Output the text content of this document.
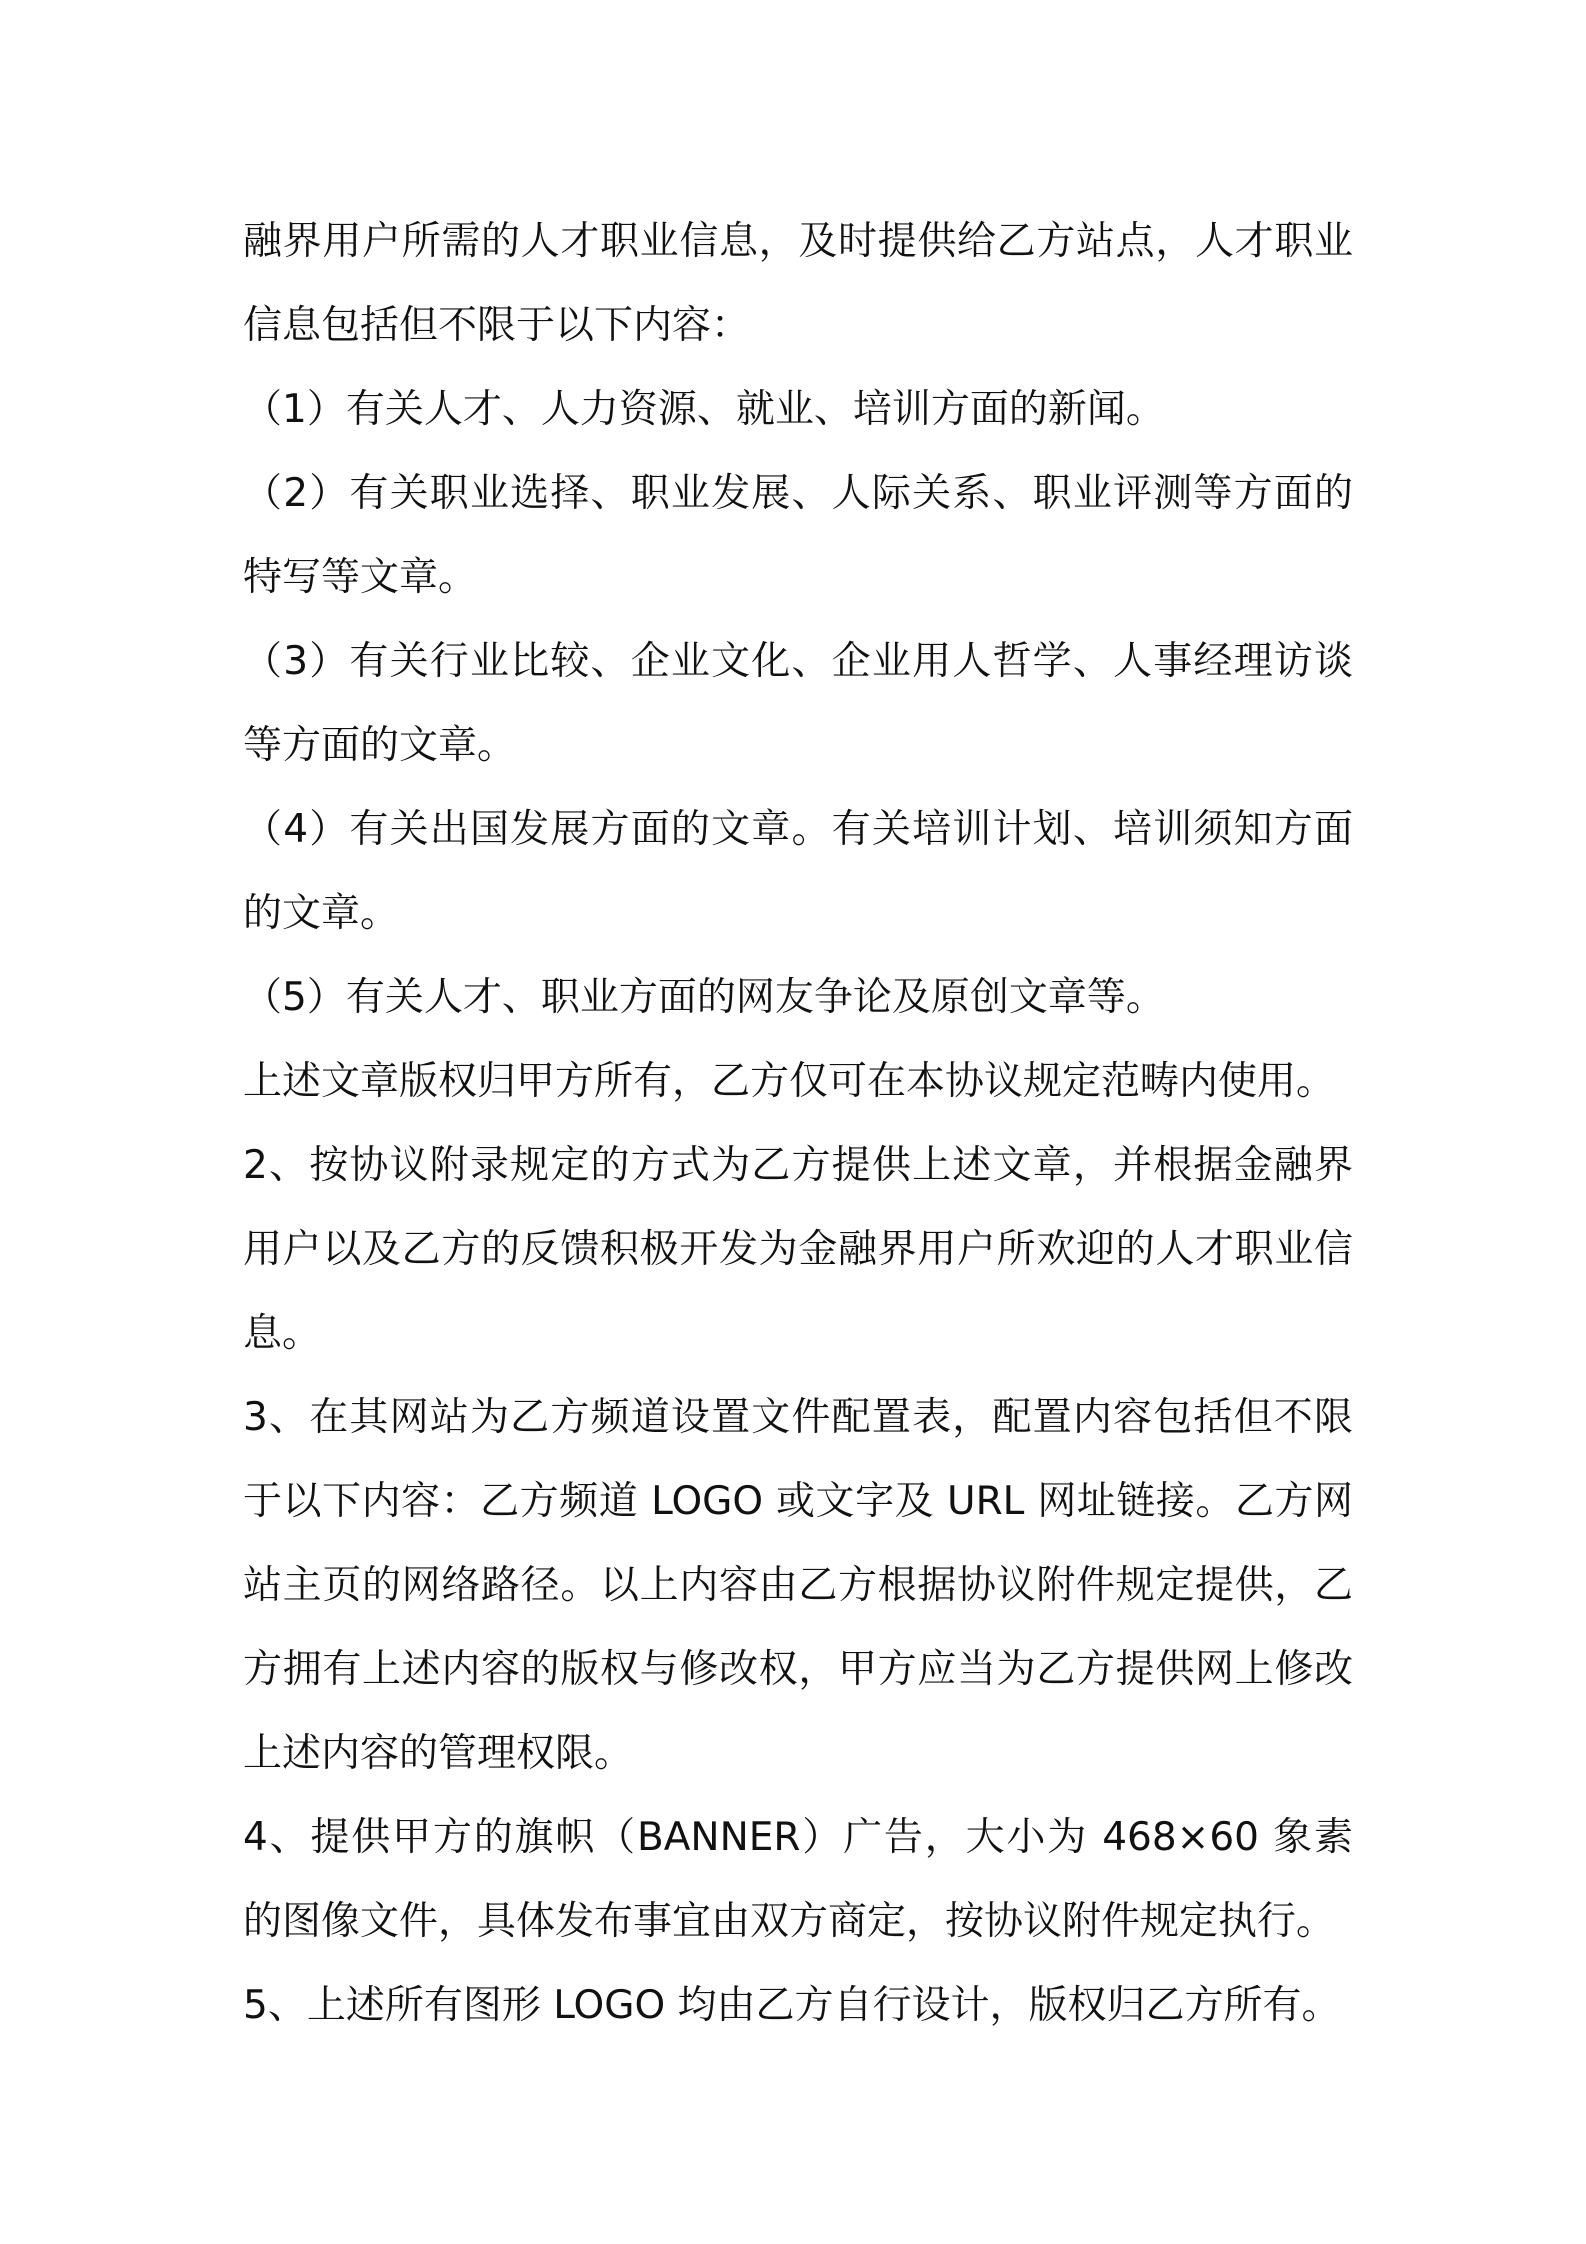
融界用户所需的人才职业信息，及时提供给乙方站点，人才职业信息包括但不限于以下内容：

（1）有关人才、人力资源、就业、培训方面的新闻。

（2）有关职业选择、职业发展、人际关系、职业评测等方面的特写等文章。

（3）有关行业比较、企业文化、企业用人哲学、人事经理访谈等方面的文章。

（4）有关出国发展方面的文章。有关培训计划、培训须知方面的文章。

（5）有关人才、职业方面的网友争论及原创文章等。

上述文章版权归甲方所有，乙方仅可在本协议规定范畴内使用。

2、按协议附录规定的方式为乙方提供上述文章，并根据金融界用户以及乙方的反馈积极开发为金融界用户所欢迎的人才职业信息。

3、在其网站为乙方频道设置文件配置表，配置内容包括但不限于以下内容：乙方频道 LOGO 或文字及 URL 网址链接。乙方网站主页的网络路径。以上内容由乙方根据协议附件规定提供，乙方拥有上述内容的版权与修改权，甲方应当为乙方提供网上修改上述内容的管理权限。

4、提供甲方的旗帜（BANNER）广告，大小为 468×60 象素的图像文件，具体发布事宜由双方商定，按协议附件规定执行。

5、上述所有图形 LOGO 均由乙方自行设计，版权归乙方所有。
